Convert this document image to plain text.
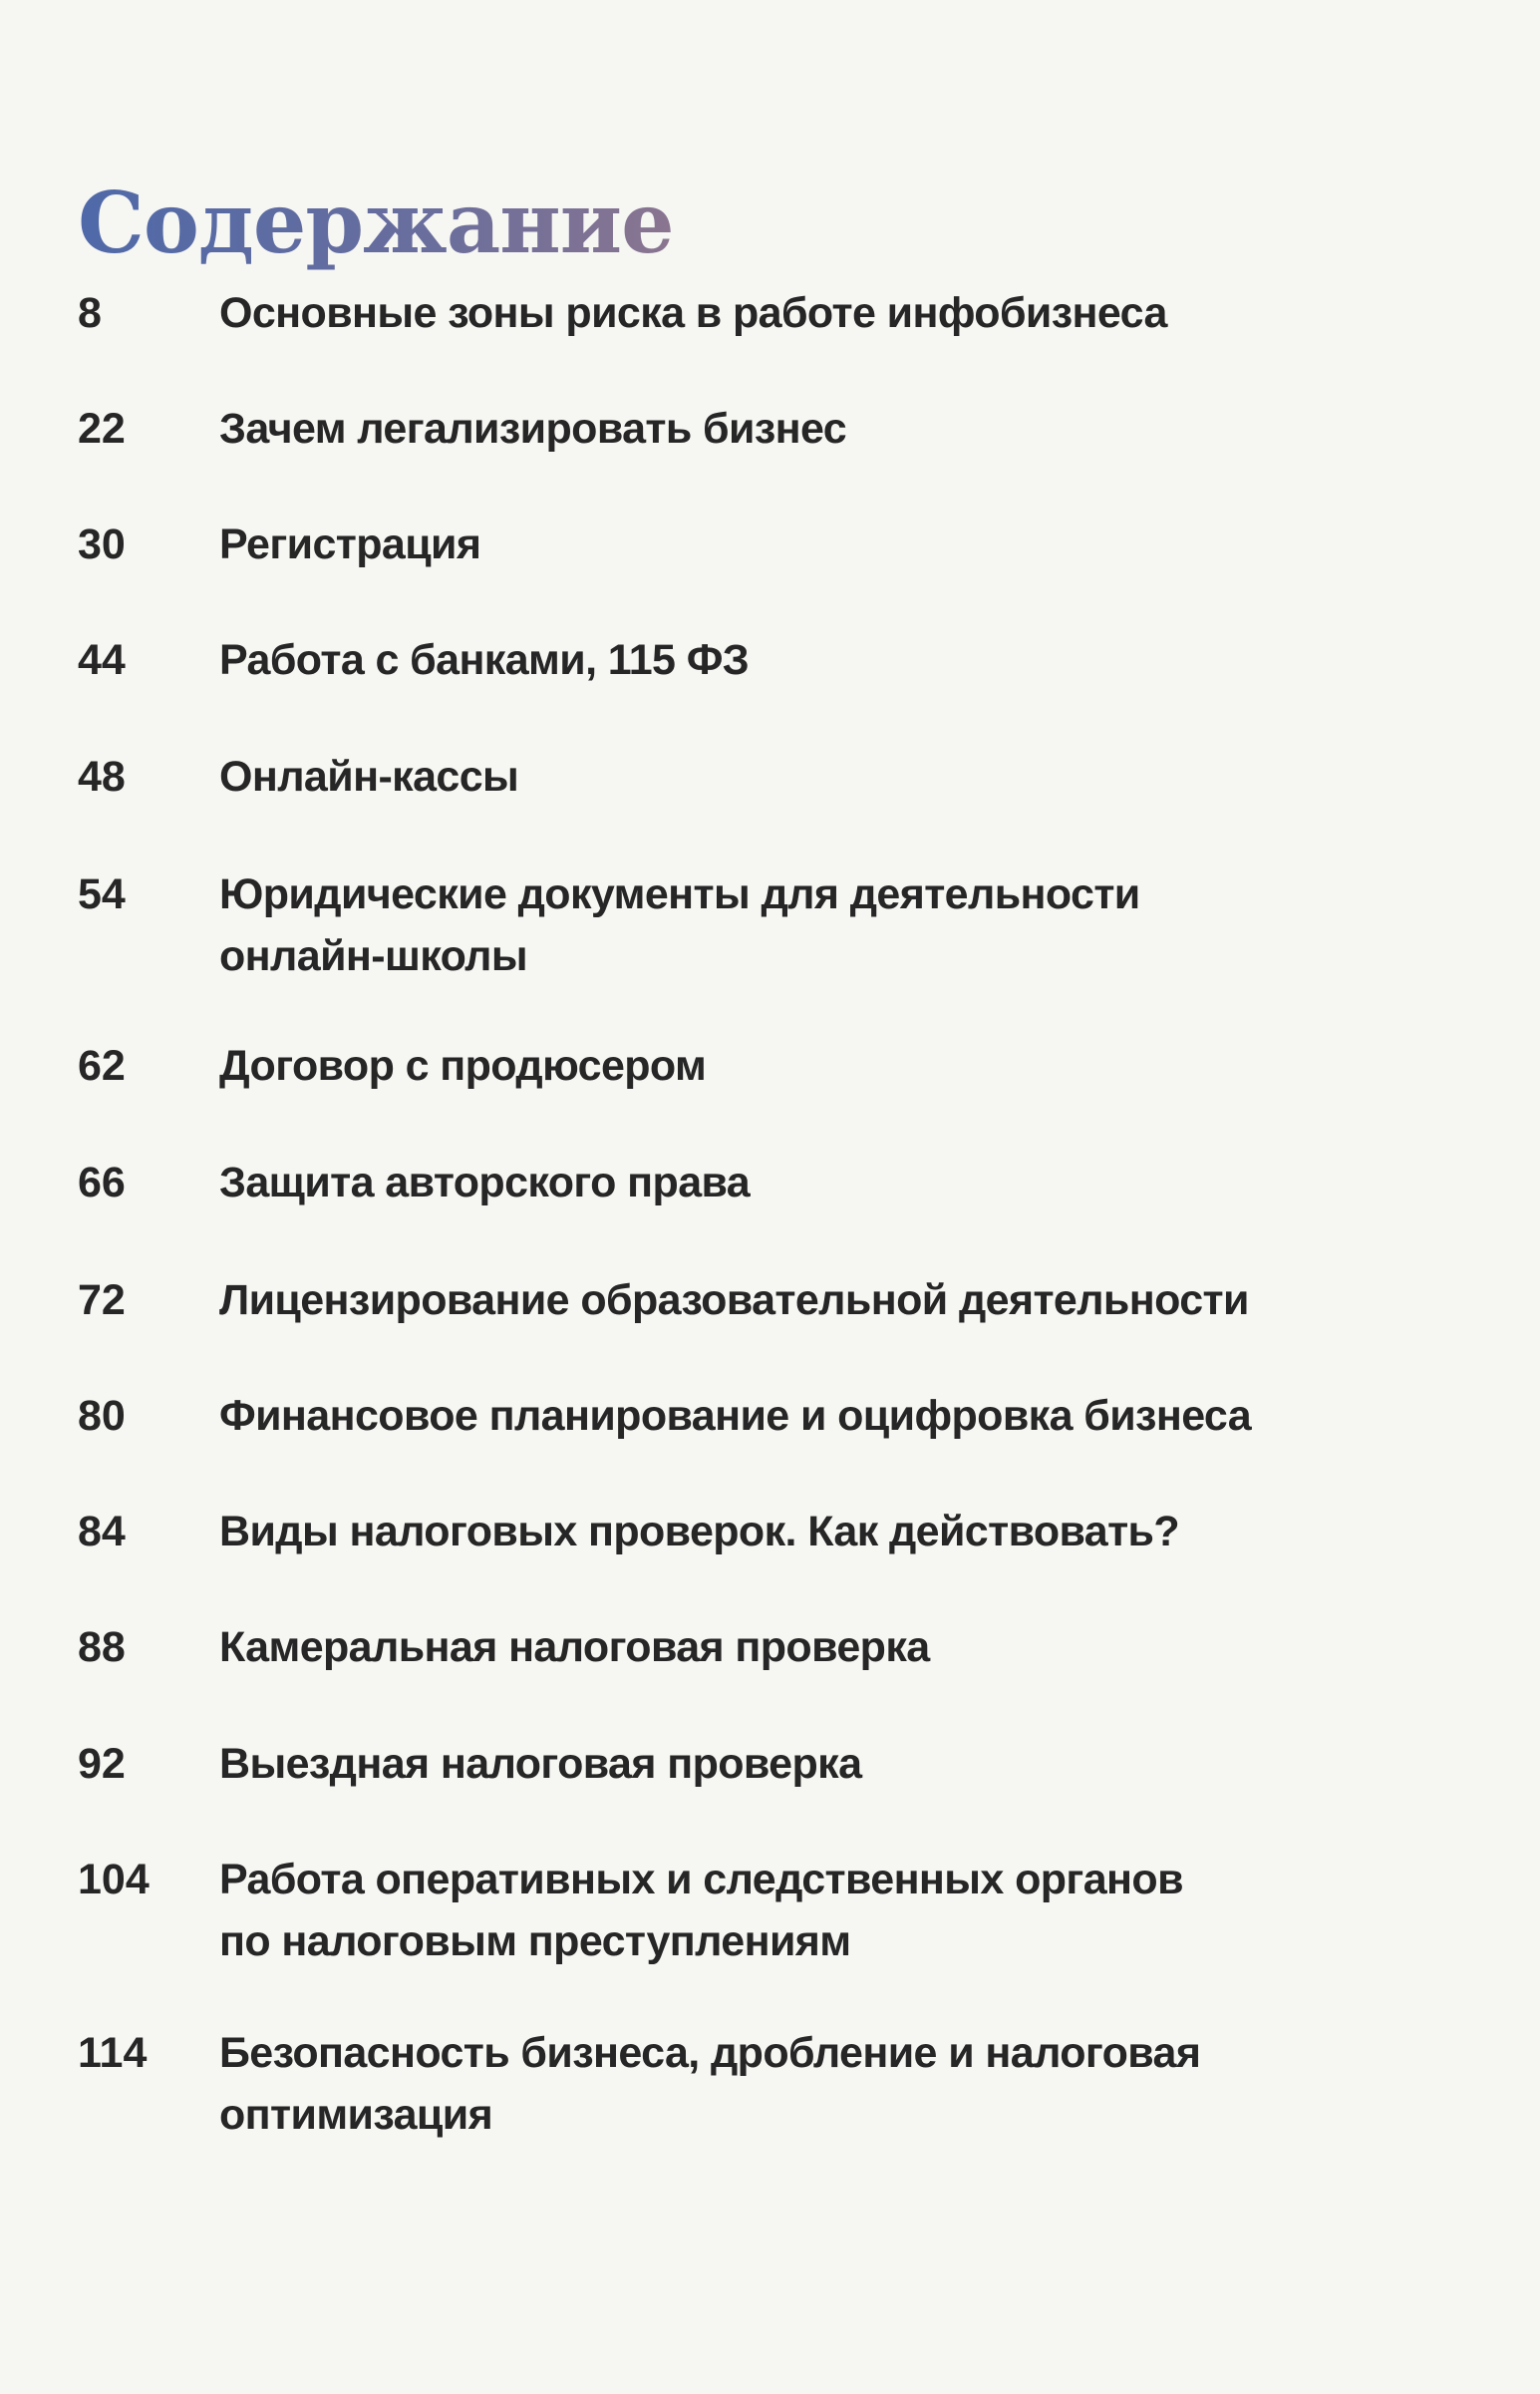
Содержание
8	Основные зоны риска в работе инфобизнеса
22 Зачем легализировать бизнес
30 Регистрация
44 Работа с банками, 115 ФЗ
48 Онлайн-кассы
54 Юридические документы для деятельности
онлайн-школы
62 Договор с продюсером
66 Защита авторского права
72 Лицензирование образовательной деятельности
80 Финансовое планирование и оцифровка бизнеса
84 Виды налоговых проверок. Как действовать?
88 Камеральная налоговая проверка
92 Выездная налоговая проверка
104 Работа оперативных и следственных органов
по налоговым преступлениям
114 Безопасность бизнеса, дробление и налоговая
оптимизация
